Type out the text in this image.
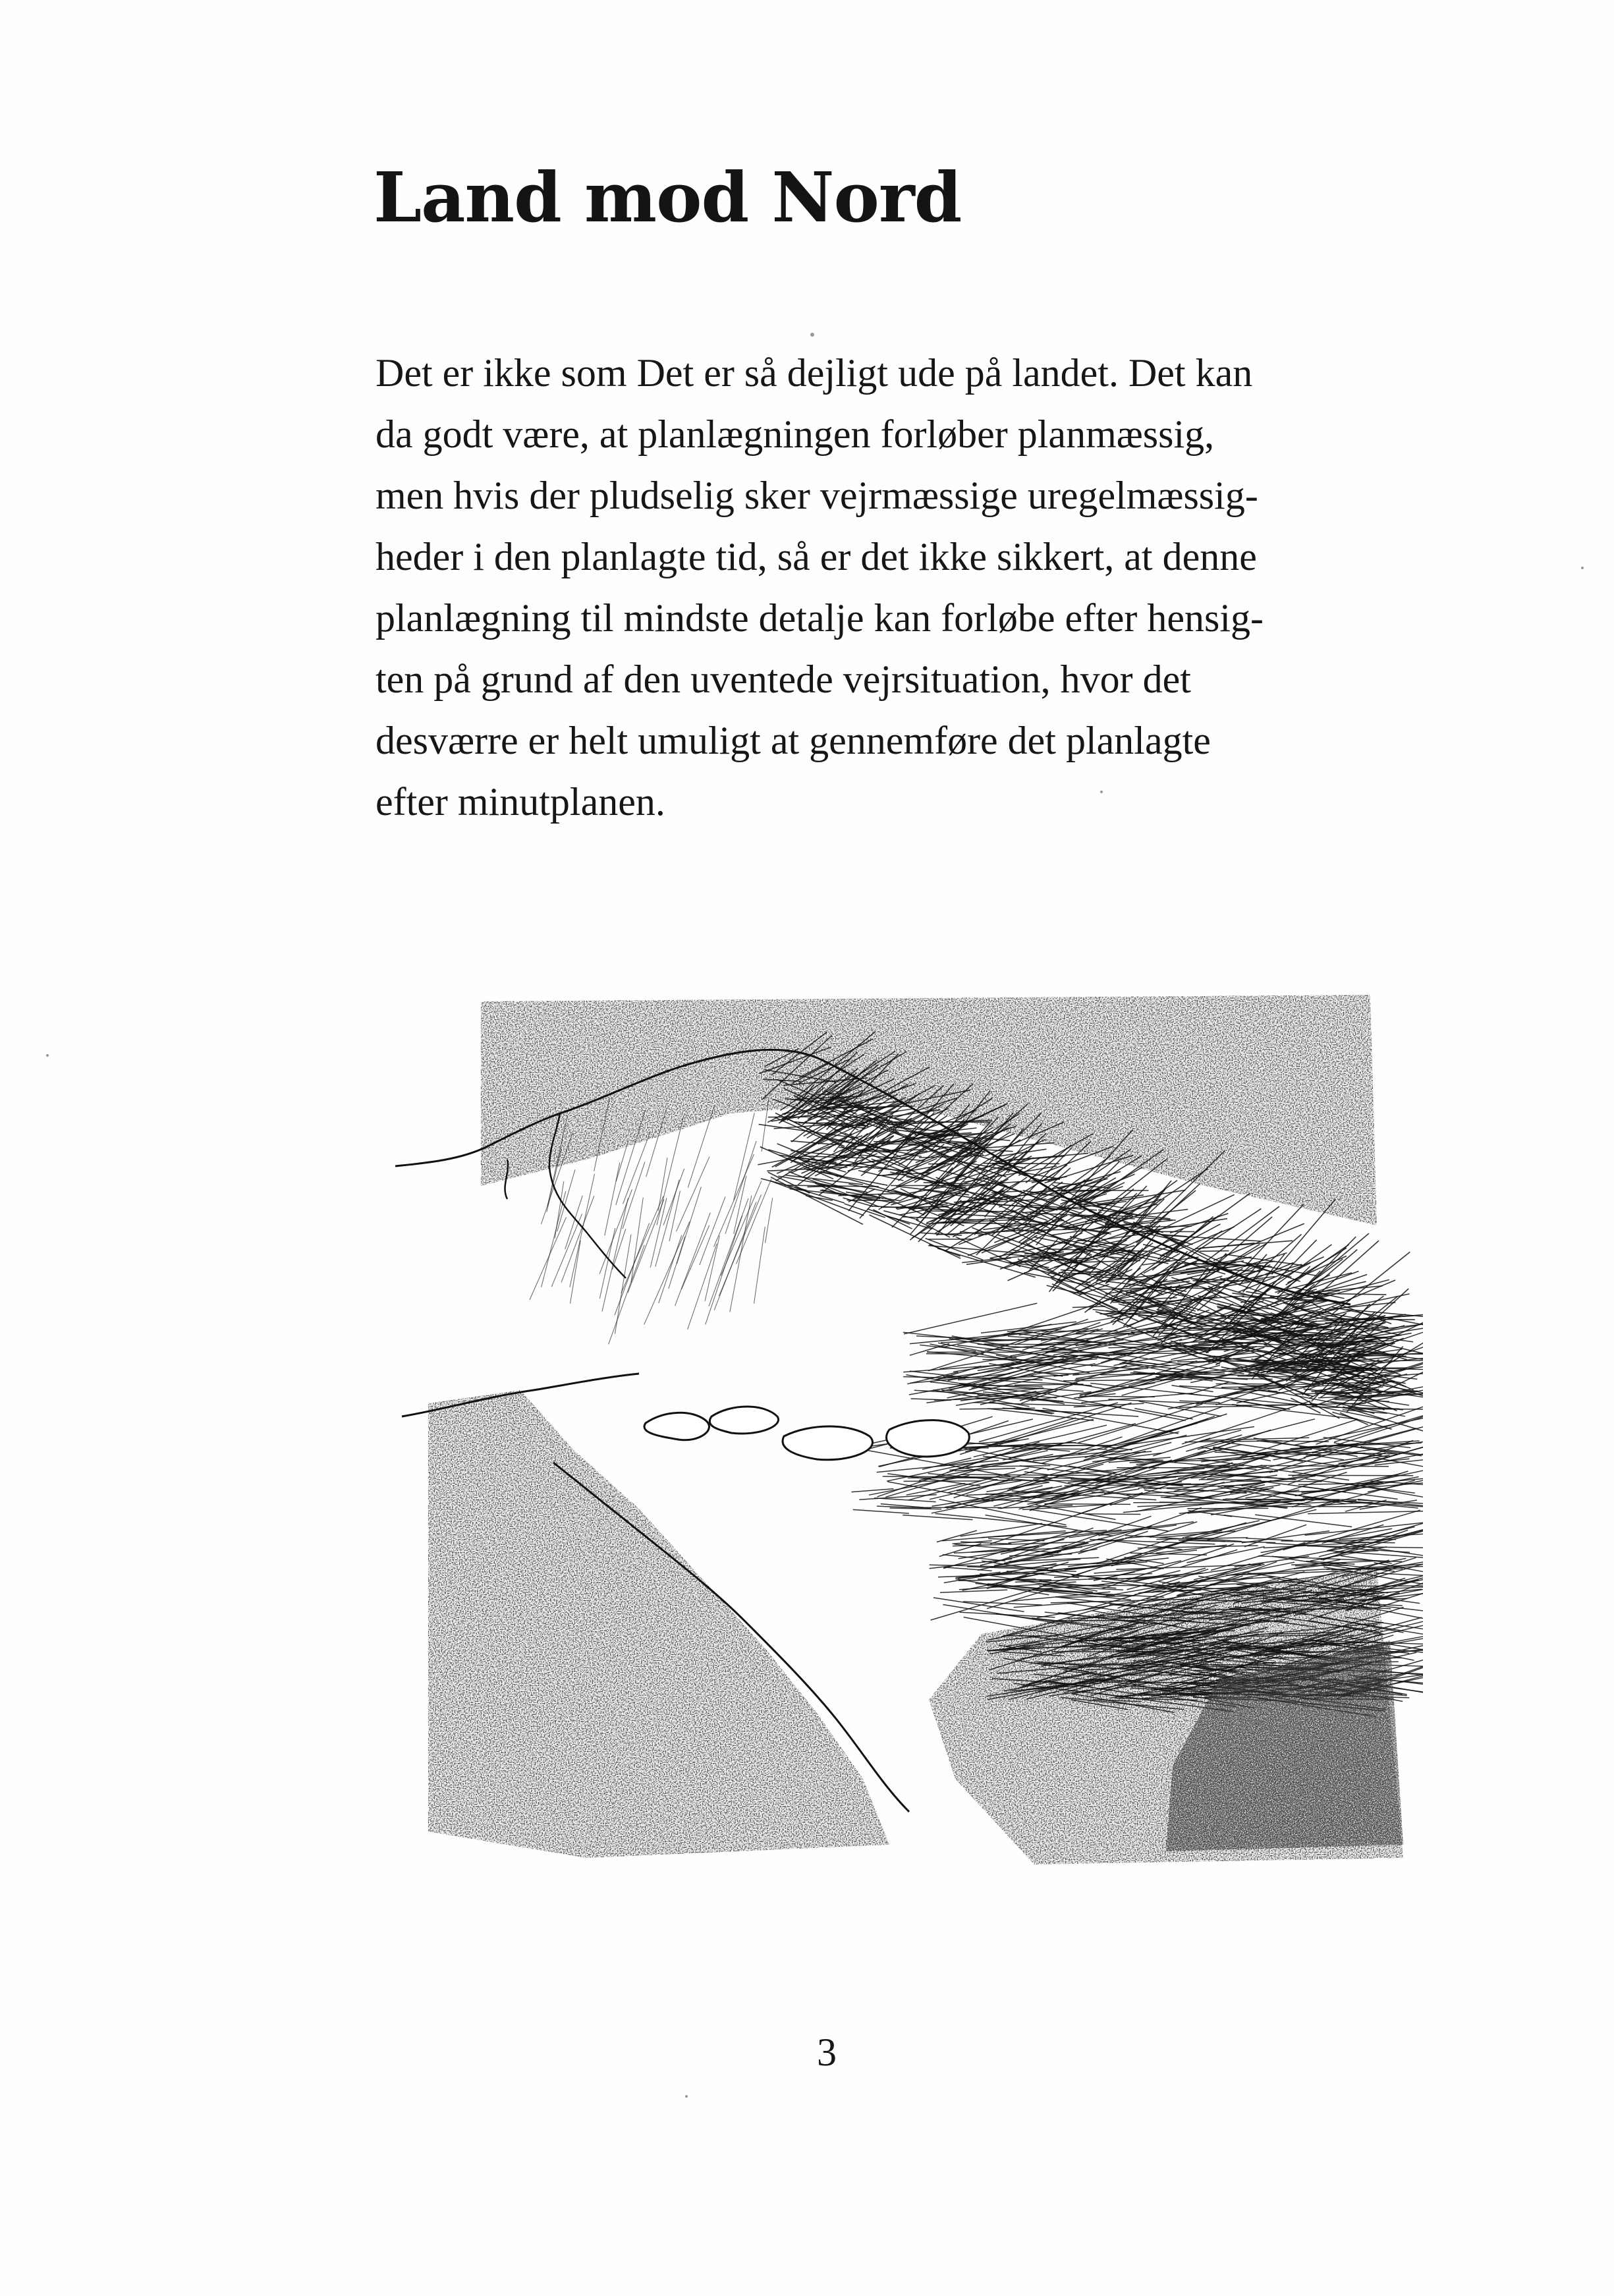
Land mod Nord
Det er ikke som Det er så dejligt ude på landet. Det kan
da godt være, at planlægningen forløber planmæssig,
men hvis der pludselig sker vejrmæssige uregelmæssig-
heder i den planlagte tid, så er det ikke sikkert, at denne
planlægning til mindste detalje kan forløbe efter hensig-
ten på grund af den uventede vejrsituation, hvor det
desværre er helt umuligt at gennemføre det planlagte
efter minutplanen.
3
